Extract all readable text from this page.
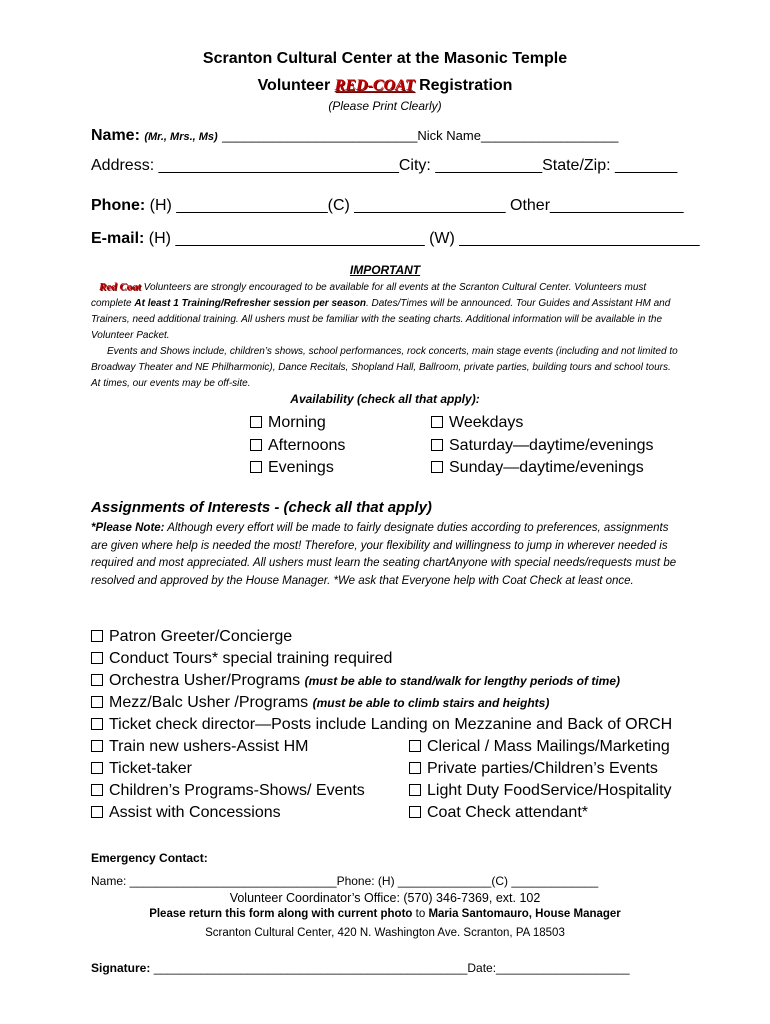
Scranton Cultural Center at the Masonic Temple
Volunteer RED-COAT Registration
(Please Print Clearly)
Name: (Mr., Mrs., Ms) ___________________________Nick Name___________________
Address: ___________________________City: ____________State/Zip: _______
Phone: (H) _________________(C) _________________ Other_______________
E-mail: (H) ____________________________ (W) ___________________________
IMPORTANT
Red Coat Volunteers are strongly encouraged to be available for all events at the Scranton Cultural Center. Volunteers must complete At least 1 Training/Refresher session per season. Dates/Times will be announced. Tour Guides and Assistant HM and Trainers, need additional training. All ushers must be familiar with the seating charts. Additional information will be available in the Volunteer Packet.
Events and Shows include, children’s shows, school performances, rock concerts, main stage events (including and not limited to Broadway Theater and NE Philharmonic), Dance Recitals, Shopland Hall, Ballroom, private parties, building tours and school tours. At times, our events may be off-site.
Availability (check all that apply):
Morning
Afternoons
Evenings
Weekdays
Saturday—daytime/evenings
Sunday—daytime/evenings
Assignments of Interests - (check all that apply)
*Please Note: Although every effort will be made to fairly designate duties according to preferences, assignments are given where help is needed the most! Therefore, your flexibility and willingness to jump in wherever needed is required and most appreciated. All ushers must learn the seating chartAnyone with special needs/requests must be resolved and approved by the House Manager. *We ask that Everyone help with Coat Check at least once.
Patron Greeter/Concierge
Conduct Tours* special training required
Orchestra Usher/Programs (must be able to stand/walk for lengthy periods of time)
Mezz/Balc Usher /Programs (must be able to climb stairs and heights)
Ticket check director—Posts include Landing on Mezzanine and Back of ORCH
Train new ushers-Assist HM
Ticket-taker
Children’s Programs-Shows/ Events
Assist with Concessions
Clerical / Mass Mailings/Marketing
Private parties/Children’s Events
Light Duty FoodService/Hospitality
Coat Check attendant*
Emergency Contact:
Name: _______________________________Phone: (H) ______________(C) _____________
Volunteer Coordinator’s Office: (570) 346-7369, ext. 102
Please return this form along with current photo to Maria Santomauro, House Manager
Scranton Cultural Center, 420 N. Washington Ave. Scranton, PA 18503
Signature: _______________________________________________Date:____________________
